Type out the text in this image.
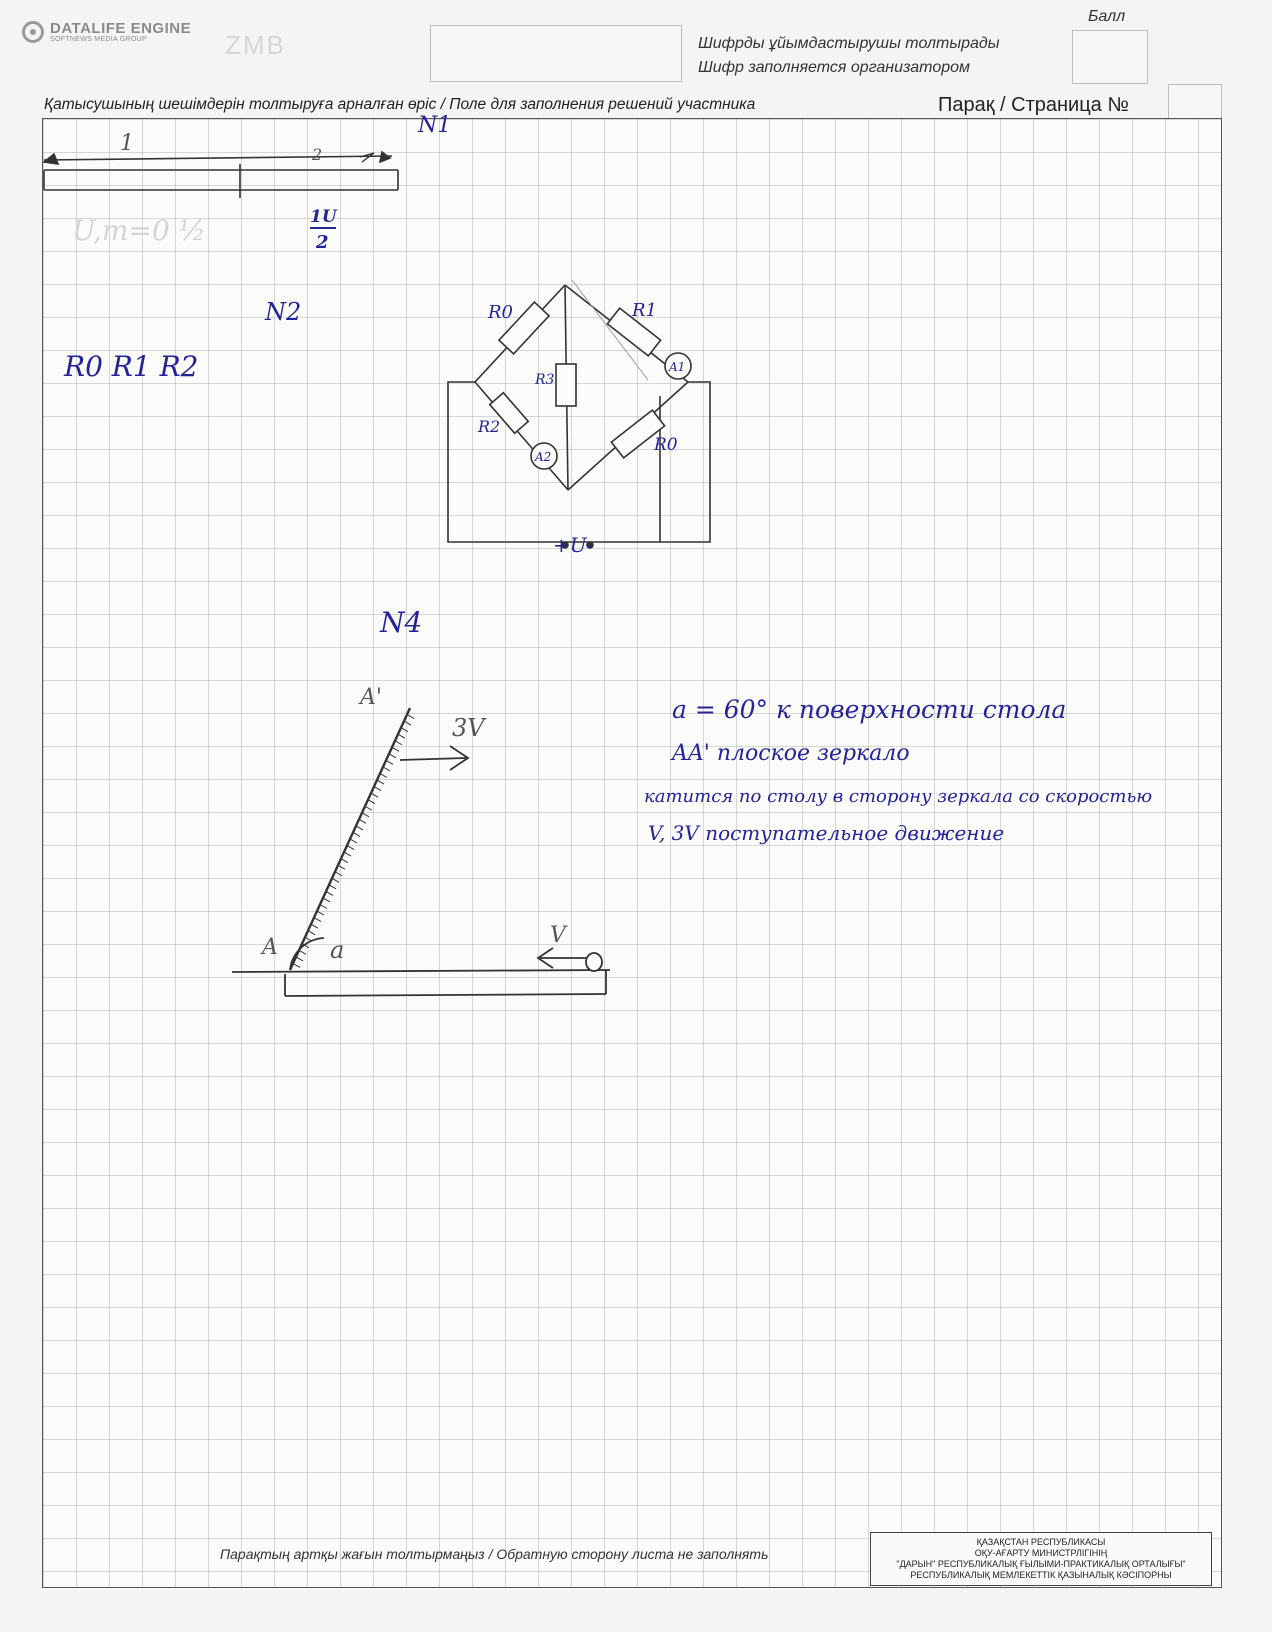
DATALIFE ENGINE
SOFTNEWS MEDIA GROUP	ZMB	Шифрды ұйымдастырушы толтырады
Шифр заполняется организатором
Балл
Қатысушының шешімдерін толтыруға арналған өріс / Поле для заполнения решений участника	Парақ / Страница №
N1
1	2
1U
2
U,m=0 ½
N2
R0 R1 R2
R0	R1
R3
R2
R0
A1
A2
+U-
N4
A'
A a
3V
V
a = 60° к поверхности стола
AA' плоское зеркало
катится по столу в сторону зеркала со скоростью
V, 3V поступательное движение
Парақтың артқы жағын толтырмаңыз / Обратную сторону листа не заполнять
ҚАЗАҚСТАН РЕСПУБЛИКАСЫ
ОҚУ-АҒАРТУ МИНИСТРЛІГІНІҢ
"ДАРЫН" РЕСПУБЛИКАЛЫҚ ҒЫЛЫМИ-ПРАКТИКАЛЫҚ ОРТАЛЫҒЫ"
РЕСПУБЛИКАЛЫҚ МЕМЛЕКЕТТІК ҚАЗЫНАЛЫҚ КӘСІПОРНЫ
